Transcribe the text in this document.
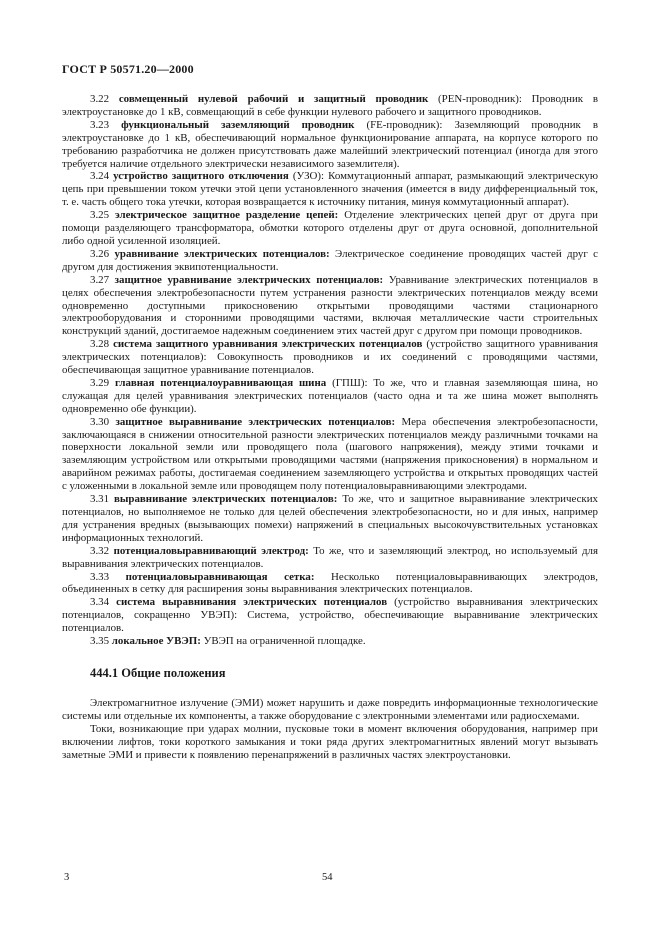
ГОСТ Р 50571.20—2000

3.22 совмещенный нулевой рабочий и защитный проводник (PEN-проводник): Проводник в электроустановке до 1 кВ, совмещающий в себе функции нулевого рабочего и защитного проводников.

3.23 функциональный заземляющий проводник (FE-проводник): Заземляющий проводник в электроустановке до 1 кВ, обеспечивающий нормальное функционирование аппарата, на корпусе которого по требованию разработчика не должен присутствовать даже малейший электрический потенциал (иногда для этого требуется наличие отдельного электрически независимого заземлителя).

3.24 устройство защитного отключения (УЗО): Коммутационный аппарат, размыкающий электрическую цепь при превышении током утечки этой цепи установленного значения (имеется в виду дифференциальный ток, т. е. часть общего тока утечки, которая возвращается к источнику питания, минуя коммутационный аппарат).

3.25 электрическое защитное разделение цепей: Отделение электрических цепей друг от друга при помощи разделяющего трансформатора, обмотки которого отделены друг от друга основной, дополнительной либо одной усиленной изоляцией.

3.26 уравнивание электрических потенциалов: Электрическое соединение проводящих частей друг с другом для достижения эквипотенциальности.

3.27 защитное уравнивание электрических потенциалов: Уравнивание электрических потенциалов в целях обеспечения электробезопасности путем устранения разности электрических потенциалов между всеми одновременно доступными прикосновению открытыми проводящими частями стационарного электрооборудования и сторонними проводящими частями, включая металлические части строительных конструкций зданий, достигаемое надежным соединением этих частей друг с другом при помощи проводников.

3.28 система защитного уравнивания электрических потенциалов (устройство защитного уравнивания электрических потенциалов): Совокупность проводников и их соединений с проводящими частями, обеспечивающая защитное уравнивание потенциалов.

3.29 главная потенциалоуравнивающая шина (ГПШ): То же, что и главная заземляющая шина, но служащая для целей уравнивания электрических потенциалов (часто одна и та же шина может выполнять одновременно обе функции).

3.30 защитное выравнивание электрических потенциалов: Мера обеспечения электробезопасности, заключающаяся в снижении относительной разности электрических потенциалов между различными точками на поверхности локальной земли или проводящего пола (шагового напряжения), между этими точками и заземляющим устройством или открытыми проводящими частями (напряжения прикосновения) в нормальном и аварийном режимах работы, достигаемая соединением заземляющего устройства и открытых проводящих частей с уложенными в локальной земле или проводящем полу потенциаловыравнивающими электродами.

3.31 выравнивание электрических потенциалов: То же, что и защитное выравнивание электрических потенциалов, но выполняемое не только для целей обеспечения электробезопасности, но и для иных, например для устранения вредных (вызывающих помехи) напряжений в специальных высокочувствительных установках информационных технологий.

3.32 потенциаловыравнивающий электрод: То же, что и заземляющий электрод, но используемый для выравнивания электрических потенциалов.

3.33 потенциаловыравнивающая сетка: Несколько потенциаловыравнивающих электродов, объединенных в сетку для расширения зоны выравнивания электрических потенциалов.

3.34 система выравнивания электрических потенциалов (устройство выравнивания электрических потенциалов, сокращенно УВЭП): Система, устройство, обеспечивающие выравнивание электрических потенциалов.

3.35 локальное УВЭП: УВЭП на ограниченной площадке.

444.1 Общие положения

Электромагнитное излучение (ЭМИ) может нарушить и даже повредить информационные технологические системы или отдельные их компоненты, а также оборудование с электронными элементами или радиосхемами.

Токи, возникающие при ударах молнии, пусковые токи в момент включения оборудования, например при включении лифтов, токи короткого замыкания и токи ряда других электромагнитных явлений могут вызывать заметные ЭМИ и привести к появлению перенапряжений в различных частях электроустановки.

3	54
